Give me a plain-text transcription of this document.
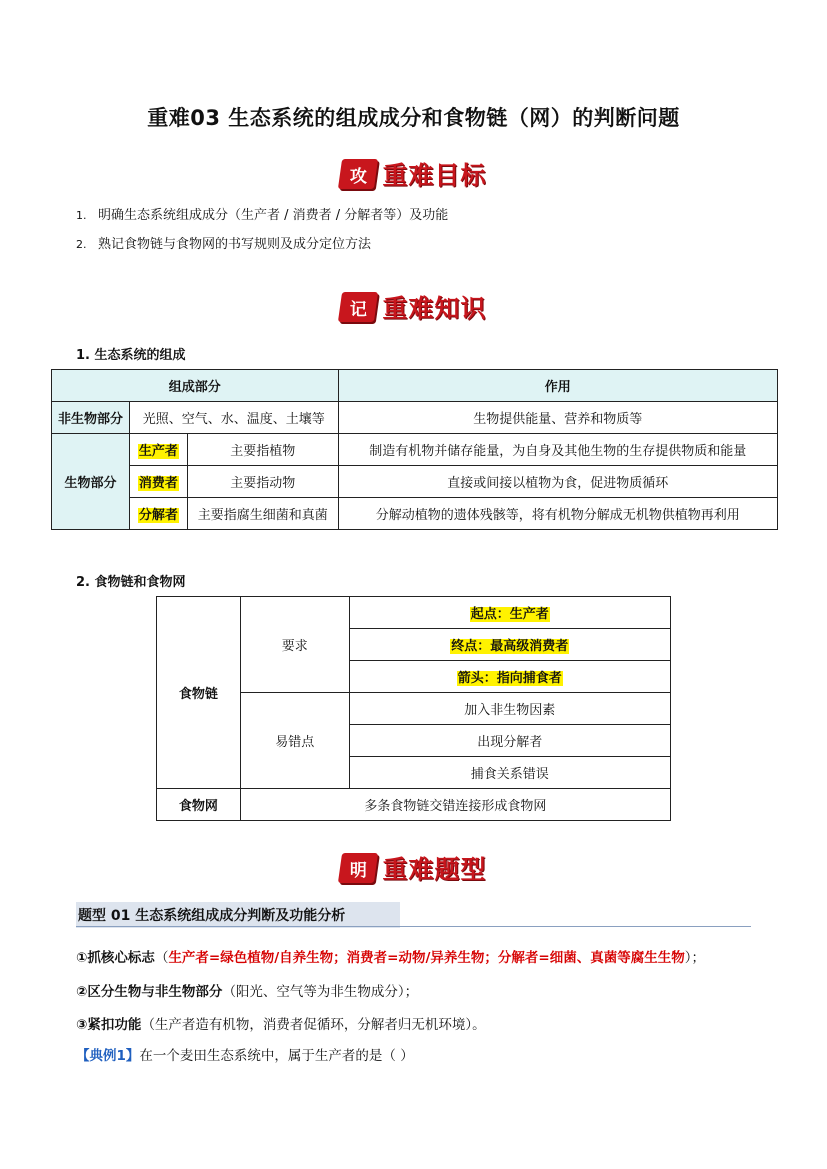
重难03 生态系统的组成成分和食物链（网）的判断问题
攻 重难目标
1. 明确生态系统组成成分（生产者 / 消费者 / 分解者等）及功能
2. 熟记食物链与食物网的书写规则及成分定位方法
记 重难知识
1. 生态系统的组成
组成部分			作用
非生物部分	光照、空气、水、温度、土壤等		生物提供能量、营养和物质等
生物部分	生产者	主要指植物	制造有机物并储存能量，为自身及其他生物的生存提供物质和能量
	消费者	主要指动物	直接或间接以植物为食，促进物质循环
	分解者	主要指腐生细菌和真菌	分解动植物的遗体残骸等，将有机物分解成无机物供植物再利用
2. 食物链和食物网
食物链	要求	起点：生产者
		终点：最高级消费者
		箭头：指向捕食者
	易错点	加入非生物因素
		出现分解者
		捕食关系错误
食物网	多条食物链交错连接形成食物网	
明 重难题型
题型 01 生态系统组成成分判断及功能分析
①抓核心标志（生产者=绿色植物/自养生物；消费者=动物/异养生物；分解者=细菌、真菌等腐生生物）；
②区分生物与非生物部分（阳光、空气等为非生物成分）；
③紧扣功能（生产者造有机物，消费者促循环，分解者归无机环境）。
【典例1】在一个麦田生态系统中，属于生产者的是（ ）
